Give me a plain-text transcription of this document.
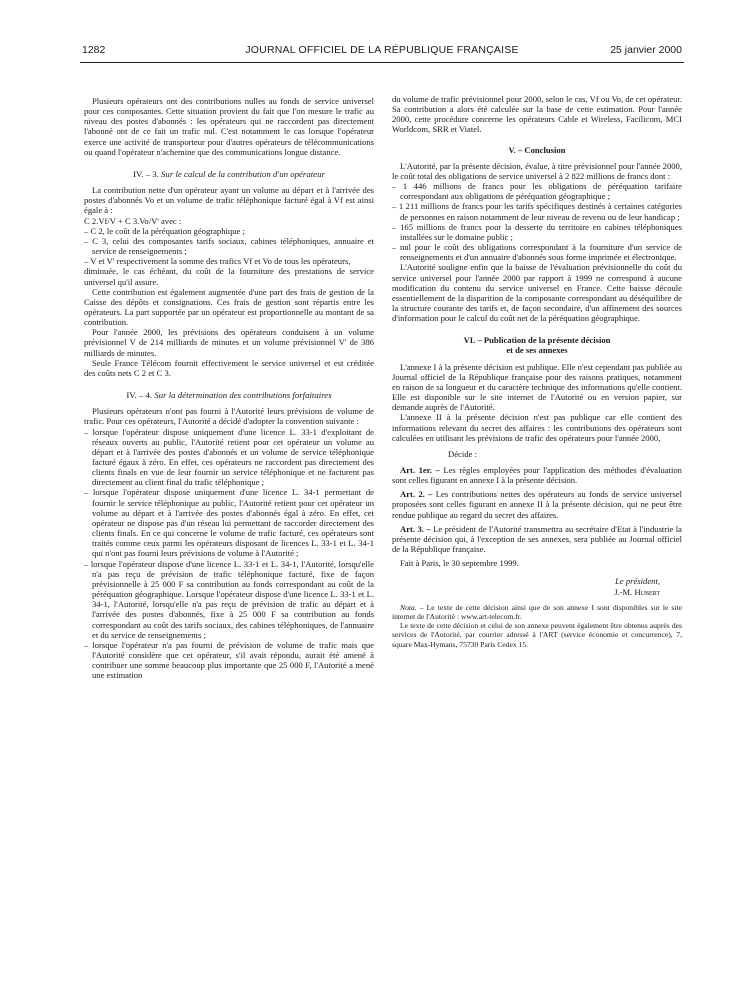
1282	JOURNAL OFFICIEL DE LA RÉPUBLIQUE FRANÇAISE	25 janvier 2000

Plusieurs opérateurs ont des contributions nulles au fonds de service universel pour ces composantes. Cette situation provient du fait que l'on mesure le trafic au niveau des postes d'abonnés : les opérateurs qui ne raccordent pas directement l'abonné ont de ce fait un trafic nul. C'est notamment le cas lorsque l'opérateur exerce une activité de transporteur pour d'autres opérateurs de télécommunications ou quand l'opérateur n'achemine que des communications longue distance.

IV. – 3. Sur le calcul de la contribution d'un opérateur

La contribution nette d'un opérateur ayant un volume au départ et à l'arrivée des postes d'abonnés Vo et un volume de trafic téléphonique facturé égal à Vf est ainsi égale à :

C 2.Vf/V + C 3.Vo/V' avec :

– C 2, le coût de la péréquation géographique ;

– C 3, celui des composantes tarifs sociaux, cabines téléphoniques, annuaire et service de renseignements ;

– V et V' respectivement la somme des trafics Vf et Vo de tous les opérateurs,

diminuée, le cas échéant, du coût de la fourniture des prestations de service universel qu'il assure.

Cette contribution est également augmentée d'une part des frais de gestion de la Caisse des dépôts et consignations. Ces frais de gestion sont répartis entre les opérateurs. La part supportée par un opérateur est proportionnelle au montant de sa contribution.

Pour l'année 2000, les prévisions des opérateurs conduisent à un volume prévisionnel V de 214 milliards de minutes et un volume prévisionnel V' de 386 milliards de minutes.

Seule France Télécom fournit effectivement le service universel et est créditée des coûts nets C 2 et C 3.

IV. – 4. Sur la détermination des contributions forfaitaires

Plusieurs opérateurs n'ont pas fourni à l'Autorité leurs prévisions de volume de trafic. Pour ces opérateurs, l'Autorité a décidé d'adopter la convention suivante :

– lorsque l'opérateur dispose uniquement d'une licence L. 33-1 d'exploitant de réseaux ouverts au public, l'Autorité retient pour cet opérateur un volume au départ et à l'arrivée des postes d'abonnés et un volume de service téléphonique facturé égaux à zéro. En effet, ces opérateurs ne raccordent pas directement des clients finals en vue de leur fournir un service téléphonique et ne facturent pas directement au client final du trafic téléphonique ;

– lorsque l'opérateur dispose uniquement d'une licence L. 34-1 permettant de fournir le service téléphonique au public, l'Autorité retient pour cet opérateur un volume au départ et à l'arrivée des postes d'abonnés égal à zéro. En effet, cet opérateur ne dispose pas d'un réseau lui permettant de raccorder directement des clients finals. En ce qui concerne le volume de trafic facturé, ces opérateurs sont traités comme ceux parmi les opérateurs disposant de licences L. 33-1 et L. 34-1 qui n'ont pas fourni leurs prévisions de volume à l'Autorité ;

– lorsque l'opérateur dispose d'une licence L. 33-1 et L. 34-1, l'Autorité, lorsqu'elle n'a pas reçu de prévision de trafic téléphonique facturé, fixe de façon prévisionnelle à 25 000 F sa contribution au fonds correspondant au coût de la péréquation géographique. Lorsque l'opérateur dispose d'une licence L. 33-1 et L. 34-1, l'Autorité, lorsqu'elle n'a pas reçu de prévision de trafic au départ et à l'arrivée des postes d'abonnés, fixe à 25 000 F sa contribution au fonds correspondant au coût des tarifs sociaux, des cabines téléphoniques, de l'annuaire et du service de renseignements ;

– lorsque l'opérateur n'a pas fourni de prévision de volume de trafic mais que l'Autorité considère que cet opérateur, s'il avait répondu, aurait été amené à contribuer une somme beaucoup plus importante que 25 000 F, l'Autorité a mené une estimation

du volume de trafic prévisionnel pour 2000, selon le cas, Vf ou Vo, de cet opérateur. Sa contribution a alors été calculée sur la base de cette estimation. Pour l'année 2000, cette procédure concerne les opérateurs Cable et Wireless, Facilicom, MCI Worldcom, SRR et Viatel.

V. – Conclusion

L'Autorité, par la présente décision, évalue, à titre prévisionnel pour l'année 2000, le coût total des obligations de service universel à 2 822 millions de francs dont :

– 1 446 millions de francs pour les obligations de péréquation tarifaire correspondant aux obligations de péréquation géographique ;

– 1 211 millions de francs pour les tarifs spécifiques destinés à certaines catégories de personnes en raison notamment de leur niveau de revenu ou de leur handicap ;

– 165 millions de francs pour la desserte du territoire en cabines téléphoniques installées sur le domaine public ;

– nul pour le coût des obligations correspondant à la fourniture d'un service de renseignements et d'un annuaire d'abonnés sous forme imprimée et électronique.

L'Autorité souligne enfin que la baisse de l'évaluation prévisionnelle du coût du service universel pour l'année 2000 par rapport à 1999 ne correspond à aucune modification du contenu du service universel en France. Cette baisse découle essentiellement de la disparition de la composante correspondant au déséquilibre de la structure courante des tarifs et, de façon secondaire, d'un affinement des sources d'information pour le calcul du coût net de la péréquation géographique.

VI. – Publication de la présente décision
et de ses annexes

L'annexe I à la présente décision est publique. Elle n'est cependant pas publiée au Journal officiel de la République française pour des raisons pratiques, notamment en raison de sa longueur et du caractère technique des informations qu'elle contient. Elle est disponible sur le site internet de l'Autorité ou en version papier, sur demande auprès de l'Autorité.

L'annexe II à la présente décision n'est pas publique car elle contient des informations relevant du secret des affaires : les contributions des opérateurs sont calculées en utilisant les prévisions de trafic des opérateurs pour l'année 2000,

Décide :

Art. 1er. – Les règles employées pour l'application des méthodes d'évaluation sont celles figurant en annexe I à la présente décision.

Art. 2. – Les contributions nettes des opérateurs au fonds de service universel proposées sont celles figurant en annexe II à la présente décision, qui ne peut être rendue publique au regard du secret des affaires.

Art. 3. – Le président de l'Autorité transmettra au secrétaire d'Etat à l'industrie la présente décision qui, à l'exception de ses annexes, sera publiée au Journal officiel de la République française.

Fait à Paris, le 30 septembre 1999.

Le président,

J.-M. Hubert

Nota. – Le texte de cette décision ainsi que de son annexe I sont disponibles sur le site internet de l'Autorité : www.art-telecom.fr.

Le texte de cette décision et celui de son annexe peuvent également être obtenus auprès des services de l'Autorité, par courrier adressé à l'ART (service économie et concurrence), 7, square Max-Hymans, 75730 Paris Cedex 15.
